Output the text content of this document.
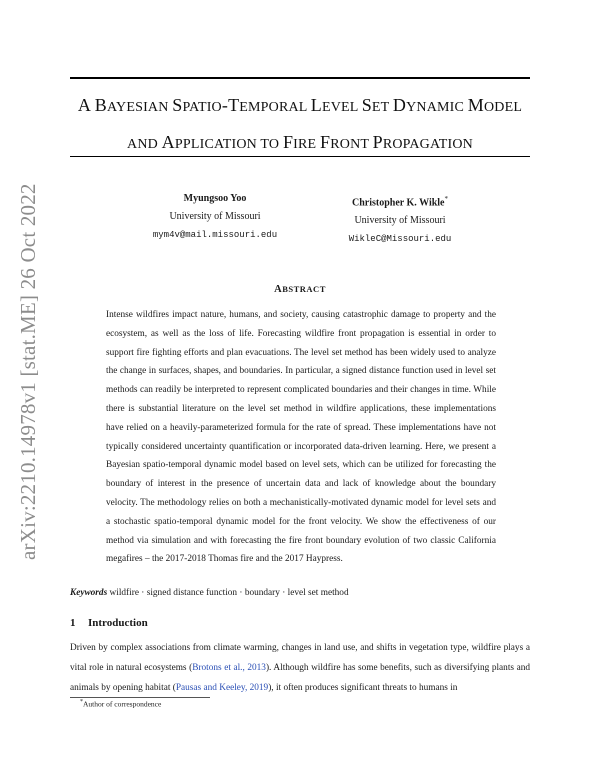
arXiv:2210.14978v1 [stat.ME] 26 Oct 2022
A BAYESIAN SPATIO-TEMPORAL LEVEL SET DYNAMIC MODEL
AND APPLICATION TO FIRE FRONT PROPAGATION
Myungsoo Yoo
University of Missouri
mym4v@mail.missouri.edu
Christopher K. Wikle*
University of Missouri
WikleC@Missouri.edu
ABSTRACT

Intense wildfires impact nature, humans, and society, causing catastrophic damage to property and the ecosystem, as well as the loss of life. Forecasting wildfire front propagation is essential in order to support fire fighting efforts and plan evacuations. The level set method has been widely used to analyze the change in surfaces, shapes, and boundaries. In particular, a signed distance function used in level set methods can readily be interpreted to represent complicated boundaries and their changes in time. While there is substantial literature on the level set method in wildfire applications, these implementations have relied on a heavily-parameterized formula for the rate of spread. These implementations have not typically considered uncertainty quantification or incorporated data-driven learning. Here, we present a Bayesian spatio-temporal dynamic model based on level sets, which can be utilized for forecasting the boundary of interest in the presence of uncertain data and lack of knowledge about the boundary velocity. The methodology relies on both a mechanistically-motivated dynamic model for level sets and a stochastic spatio-temporal dynamic model for the front velocity. We show the effectiveness of our method via simulation and with forecasting the fire front boundary evolution of two classic California megafires – the 2017-2018 Thomas fire and the 2017 Haypress.

Keywords wildfire · signed distance function · boundary · level set method
1 Introduction

Driven by complex associations from climate warming, changes in land use, and shifts in vegetation type, wildfire plays a vital role in natural ecosystems (Brotons et al., 2013). Although wildfire has some benefits, such as diversifying plants and animals by opening habitat (Pausas and Keeley, 2019), it often produces significant threats to humans in

*Author of correspondence
